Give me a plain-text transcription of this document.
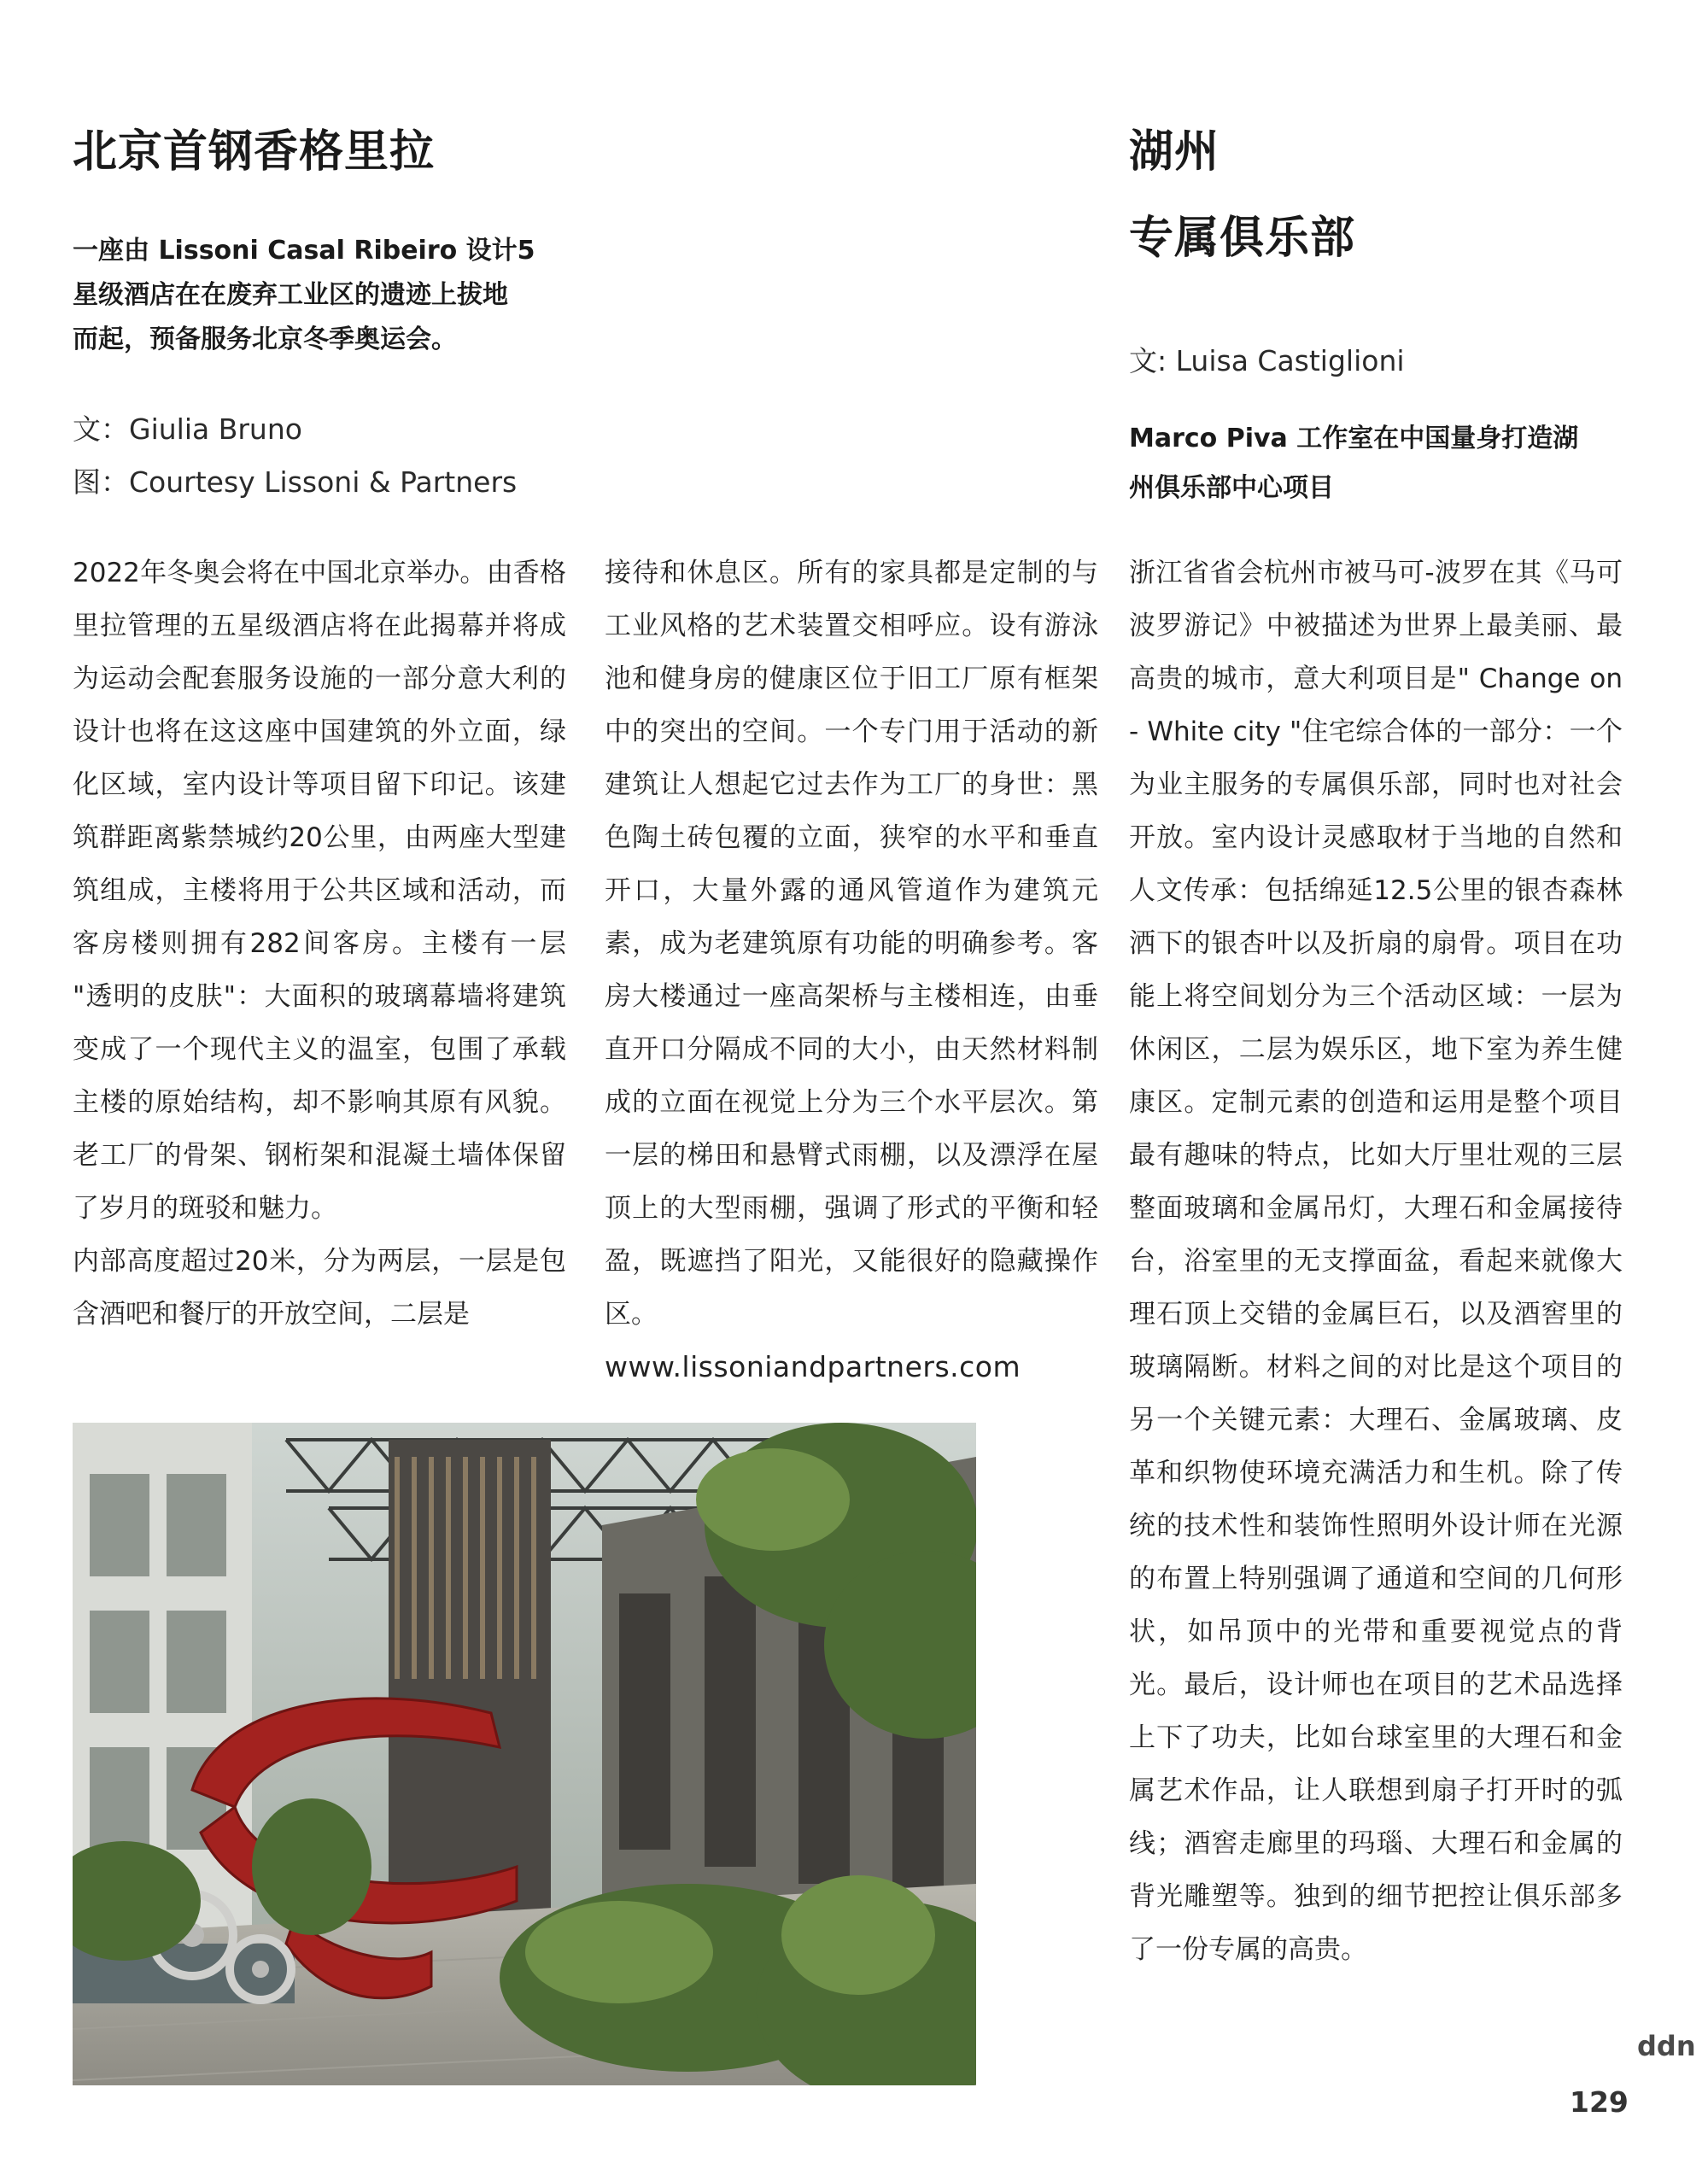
北京首钢香格里拉
一座由 Lissoni Casal Ribeiro 设计5
星级酒店在在废弃工业区的遗迹上拔地
而起，预备服务北京冬季奥运会。
文：Giulia Bruno
图：Courtesy Lissoni & Partners

2022年冬奥会将在中国北京举办。由香格里拉管理的五星级酒店将在此揭幕并将成为运动会配套服务设施的一部分意大利的设计也将在这这座中国建筑的外立面，绿化区域，室内设计等项目留下印记。该建筑群距离紫禁城约20公里，由两座大型建筑组成，主楼将用于公共区域和活动，而客房楼则拥有282间客房。主楼有一层 "透明的皮肤"：大面积的玻璃幕墙将建筑变成了一个现代主义的温室，包围了承载主楼的原始结构，却不影响其原有风貌。老工厂的骨架、钢桁架和混凝土墙体保留了岁月的斑驳和魅力。

内部高度超过20米，分为两层，一层是包含酒吧和餐厅的开放空间，二层是

接待和休息区。所有的家具都是定制的与工业风格的艺术装置交相呼应。设有游泳池和健身房的健康区位于旧工厂原有框架中的突出的空间。一个专门用于活动的新建筑让人想起它过去作为工厂的身世：黑色陶土砖包覆的立面，狭窄的水平和垂直开口，大量外露的通风管道作为建筑元素，成为老建筑原有功能的明确参考。客房大楼通过一座高架桥与主楼相连，由垂直开口分隔成不同的大小，由天然材料制成的立面在视觉上分为三个水平层次。第一层的梯田和悬臂式雨棚，以及漂浮在屋顶上的大型雨棚，强调了形式的平衡和轻盈，既遮挡了阳光，又能很好的隐藏操作区。

www.lissoniandpartners.com

湖州
专属俱乐部
文: Luisa Castiglioni
Marco Piva 工作室在中国量身打造湖
州俱乐部中心项目

浙江省省会杭州市被马可-波罗在其《马可波罗游记》中被描述为世界上最美丽、最高贵的城市，意大利项目是" Change on - White city "住宅综合体的一部分：一个为业主服务的专属俱乐部，同时也对社会开放。室内设计灵感取材于当地的自然和人文传承：包括绵延12.5公里的银杏森林洒下的银杏叶以及折扇的扇骨。项目在功能上将空间划分为三个活动区域：一层为休闲区，二层为娱乐区，地下室为养生健康区。定制元素的创造和运用是整个项目最有趣味的特点，比如大厅里壮观的三层整面玻璃和金属吊灯，大理石和金属接待台，浴室里的无支撑面盆，看起来就像大理石顶上交错的金属巨石，以及酒窖里的玻璃隔断。材料之间的对比是这个项目的另一个关键元素：大理石、金属玻璃、皮革和织物使环境充满活力和生机。除了传统的技术性和装饰性照明外设计师在光源的布置上特别强调了通道和空间的几何形状，如吊顶中的光带和重要视觉点的背光。最后，设计师也在项目的艺术品选择上下了功夫，比如台球室里的大理石和金属艺术作品，让人联想到扇子打开时的弧线；酒窖走廊里的玛瑙、大理石和金属的背光雕塑等。独到的细节把控让俱乐部多了一份专属的高贵。

ddn
129
